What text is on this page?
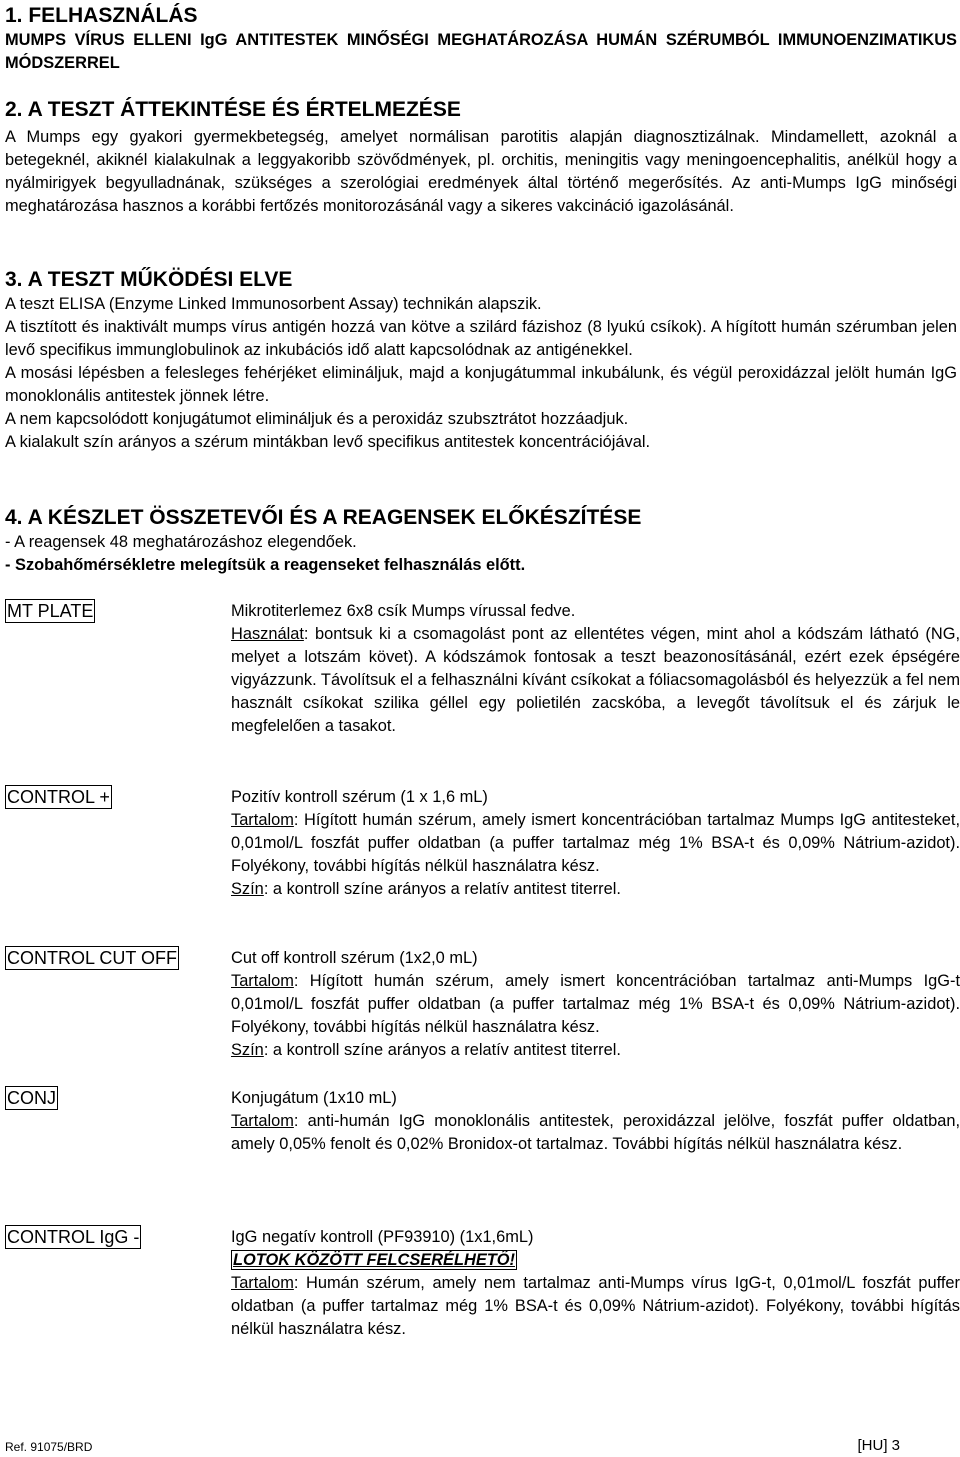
1. FELHASZNÁLÁS
MUMPS VÍRUS ELLENI IgG ANTITESTEK MINŐSÉGI MEGHATÁROZÁSA HUMÁN SZÉRUMBÓL IMMUNOENZIMATIKUS MÓDSZERREL
2. A TESZT ÁTTEKINTÉSE ÉS ÉRTELMEZÉSE
A Mumps egy gyakori gyermekbetegség, amelyet normálisan parotitis alapján diagnosztizálnak. Mindamellett, azoknál a betegeknél, akiknél kialakulnak a leggyakoribb szövődmények, pl. orchitis, meningitis vagy meningoencephalitis, anélkül hogy a nyálmirigyek begyulladnának, szükséges a szerológiai eredmények által történő megerősítés. Az anti-Mumps IgG minőségi meghatározása hasznos a korábbi fertőzés monitorozásánál vagy a sikeres vakcináció igazolásánál.
3. A TESZT MŰKÖDÉSI ELVE

A teszt ELISA (Enzyme Linked Immunosorbent Assay) technikán alapszik.

A tisztított és inaktivált mumps vírus antigén hozzá van kötve a szilárd fázishoz (8 lyukú csíkok). A hígított humán szérumban jelen levő specifikus immunglobulinok az inkubációs idő alatt kapcsolódnak az antigénekkel.

A mosási lépésben a felesleges fehérjéket elimináljuk, majd a konjugátummal inkubálunk, és végül peroxidázzal jelölt humán IgG monoklonális antitestek jönnek létre.

A nem kapcsolódott konjugátumot elimináljuk és a peroxidáz szubsztrátot hozzáadjuk.

A kialakult szín arányos a szérum mintákban levő specifikus antitestek koncentrációjával.

4. A KÉSZLET ÖSSZETEVŐI ÉS A REAGENSEK ELŐKÉSZÍTÉSE
- A reagensek 48 meghatározáshoz elegendőek.
- Szobahőmérsékletre melegítsük a reagenseket felhasználás előtt.
MT PLATE	Mikrotiterlemez 6x8 csík Mumps vírussal fedve.

Használat: bontsuk ki a csomagolást pont az ellentétes végen, mint ahol a kódszám látható (NG, melyet a lotszám követ). A kódszámok fontosak a teszt beazonosításánál, ezért ezek épségére vigyázzunk. Távolítsuk el a felhasználni kívánt csíkokat a fóliacsomagolásból és helyezzük a fel nem használt csíkokat szilika géllel egy polietilén zacskóba, a levegőt távolítsuk el és zárjuk le megfelelően a tasakot.

CONTROL +	Pozitív kontroll szérum (1 x 1,6 mL)

Tartalom: Hígított humán szérum, amely ismert koncentrációban tartalmaz Mumps IgG antitesteket, 0,01mol/L foszfát puffer oldatban (a puffer tartalmaz még 1% BSA-t és 0,09% Nátrium-azidot). Folyékony, további hígítás nélkül használatra kész.

Szín: a kontroll színe arányos a relatív antitest titerrel.

CONTROL CUT OFF	Cut off kontroll szérum (1x2,0 mL)

Tartalom: Hígított humán szérum, amely ismert koncentrációban tartalmaz anti-Mumps IgG-t 0,01mol/L foszfát puffer oldatban (a puffer tartalmaz még 1% BSA-t és 0,09% Nátrium-azidot). Folyékony, további hígítás nélkül használatra kész.

Szín: a kontroll színe arányos a relatív antitest titerrel.

CONJ	Konjugátum (1x10 mL)

Tartalom: anti-humán IgG monoklonális antitestek, peroxidázzal jelölve, foszfát puffer oldatban, amely 0,05% fenolt és 0,02% Bronidox-ot tartalmaz. További hígítás nélkül használatra kész.

CONTROL IgG -	IgG negatív kontroll (PF93910) (1x1,6mL)

LOTOK KÖZÖTT FELCSERÉLHETŐ!

Tartalom: Humán szérum, amely nem tartalmaz anti-Mumps vírus IgG-t, 0,01mol/L foszfát puffer oldatban (a puffer tartalmaz még 1% BSA-t és 0,09% Nátrium-azidot). Folyékony, további hígítás nélkül használatra kész.

Ref. 91075/BRD	[HU] 3
